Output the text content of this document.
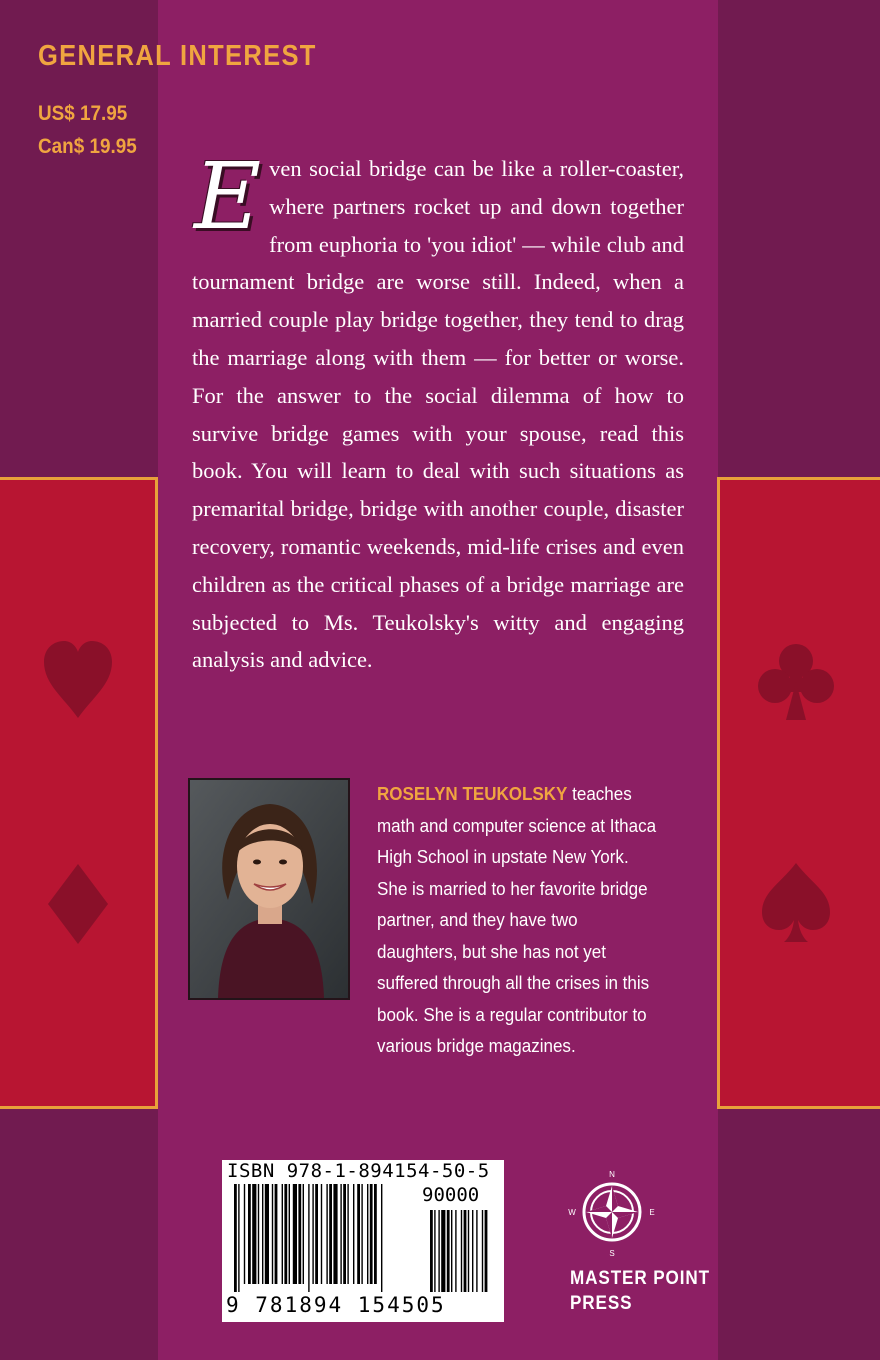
GENERAL INTEREST
US$ 17.95
Can$ 19.95 E ven social bridge can be like a roller-coaster, where partners rocket up and down together from euphoria to 'you idiot' — while club and tournament bridge are worse still. Indeed, when a married couple play bridge together, they tend to drag the marriage along with them — for better or worse. For the answer to the social dilemma of how to survive bridge games with your spouse, read this book. You will learn to deal with such situations as premarital bridge, bridge with another couple, disaster recovery, romantic weekends, mid-life crises and even children as the critical phases of a bridge marriage are subjected to Ms. Teukolsky's witty and engaging analysis and advice.
ROSELYN TEUKOLSKY teaches math and computer science at Ithaca High School in upstate New York. She is married to her favorite bridge partner, and they have two daughters, but she has not yet suffered through all the crises in this book. She is a regular contributor to various bridge magazines.
ISBN 978-1-894154-50-5
90000
9 781894 154505
N
S
E
W
MASTER POINT
PRESS
